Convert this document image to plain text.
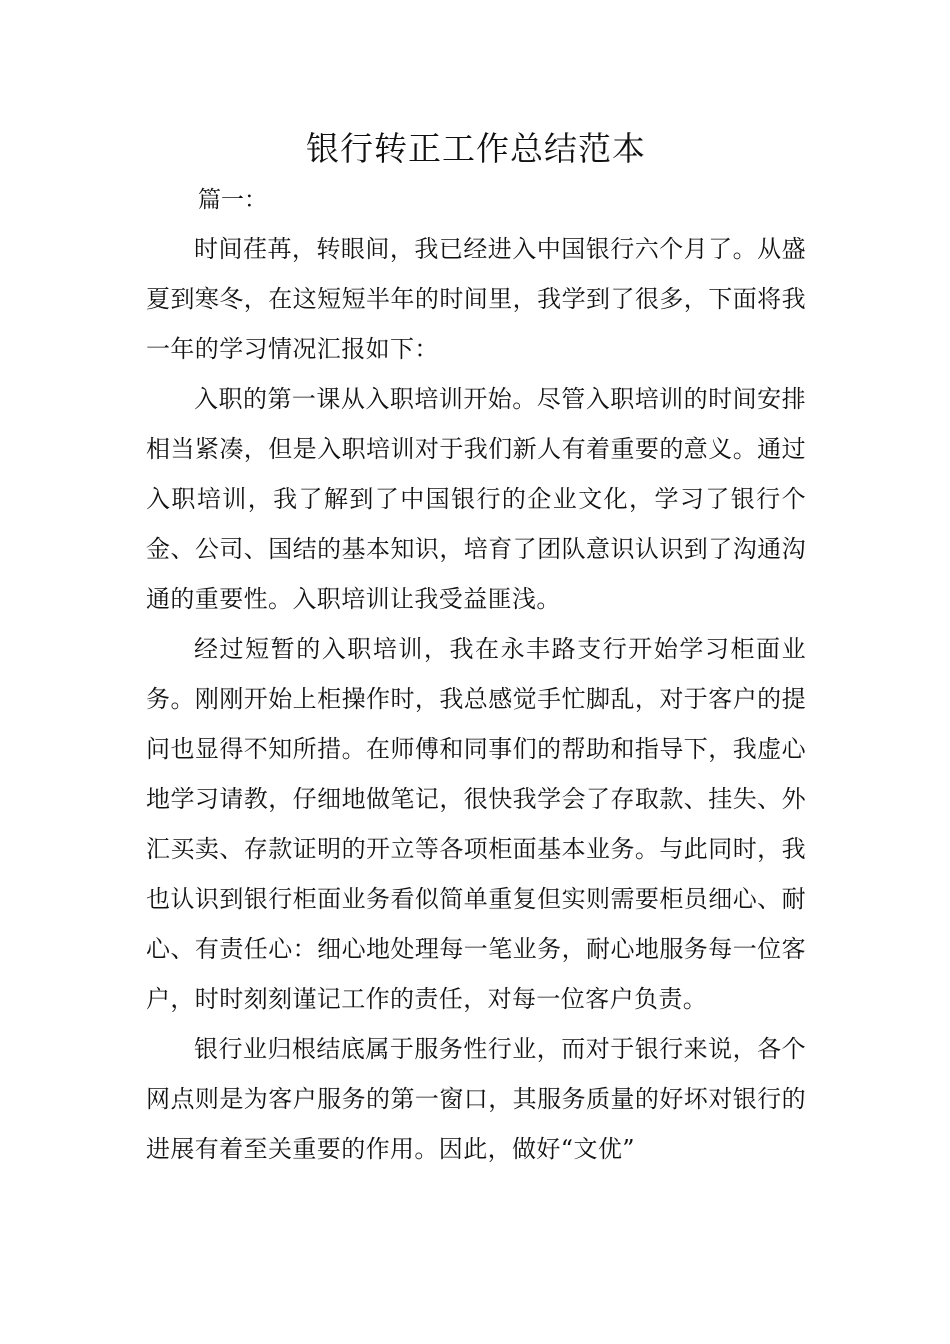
银行转正工作总结范本

篇一：

时间荏苒，转眼间，我已经进入中国银行六个月了。从盛夏到寒冬，在这短短半年的时间里，我学到了很多，下面将我一年的学习情况汇报如下：

入职的第一课从入职培训开始。尽管入职培训的时间安排相当紧凑，但是入职培训对于我们新人有着重要的意义。通过入职培训，我了解到了中国银行的企业文化，学习了银行个金、公司、国结的基本知识，培育了团队意识认识到了沟通沟通的重要性。入职培训让我受益匪浅。

经过短暂的入职培训，我在永丰路支行开始学习柜面业务。刚刚开始上柜操作时，我总感觉手忙脚乱，对于客户的提问也显得不知所措。在师傅和同事们的帮助和指导下，我虚心地学习请教，仔细地做笔记，很快我学会了存取款、挂失、外汇买卖、存款证明的开立等各项柜面基本业务。与此同时，我也认识到银行柜面业务看似简单重复但实则需要柜员细心、耐心、有责任心：细心地处理每一笔业务，耐心地服务每一位客户，时时刻刻谨记工作的责任，对每一位客户负责。

银行业归根结底属于服务性行业，而对于银行来说，各个网点则是为客户服务的第一窗口，其服务质量的好坏对银行的进展有着至关重要的作用。因此，做好“文优”
